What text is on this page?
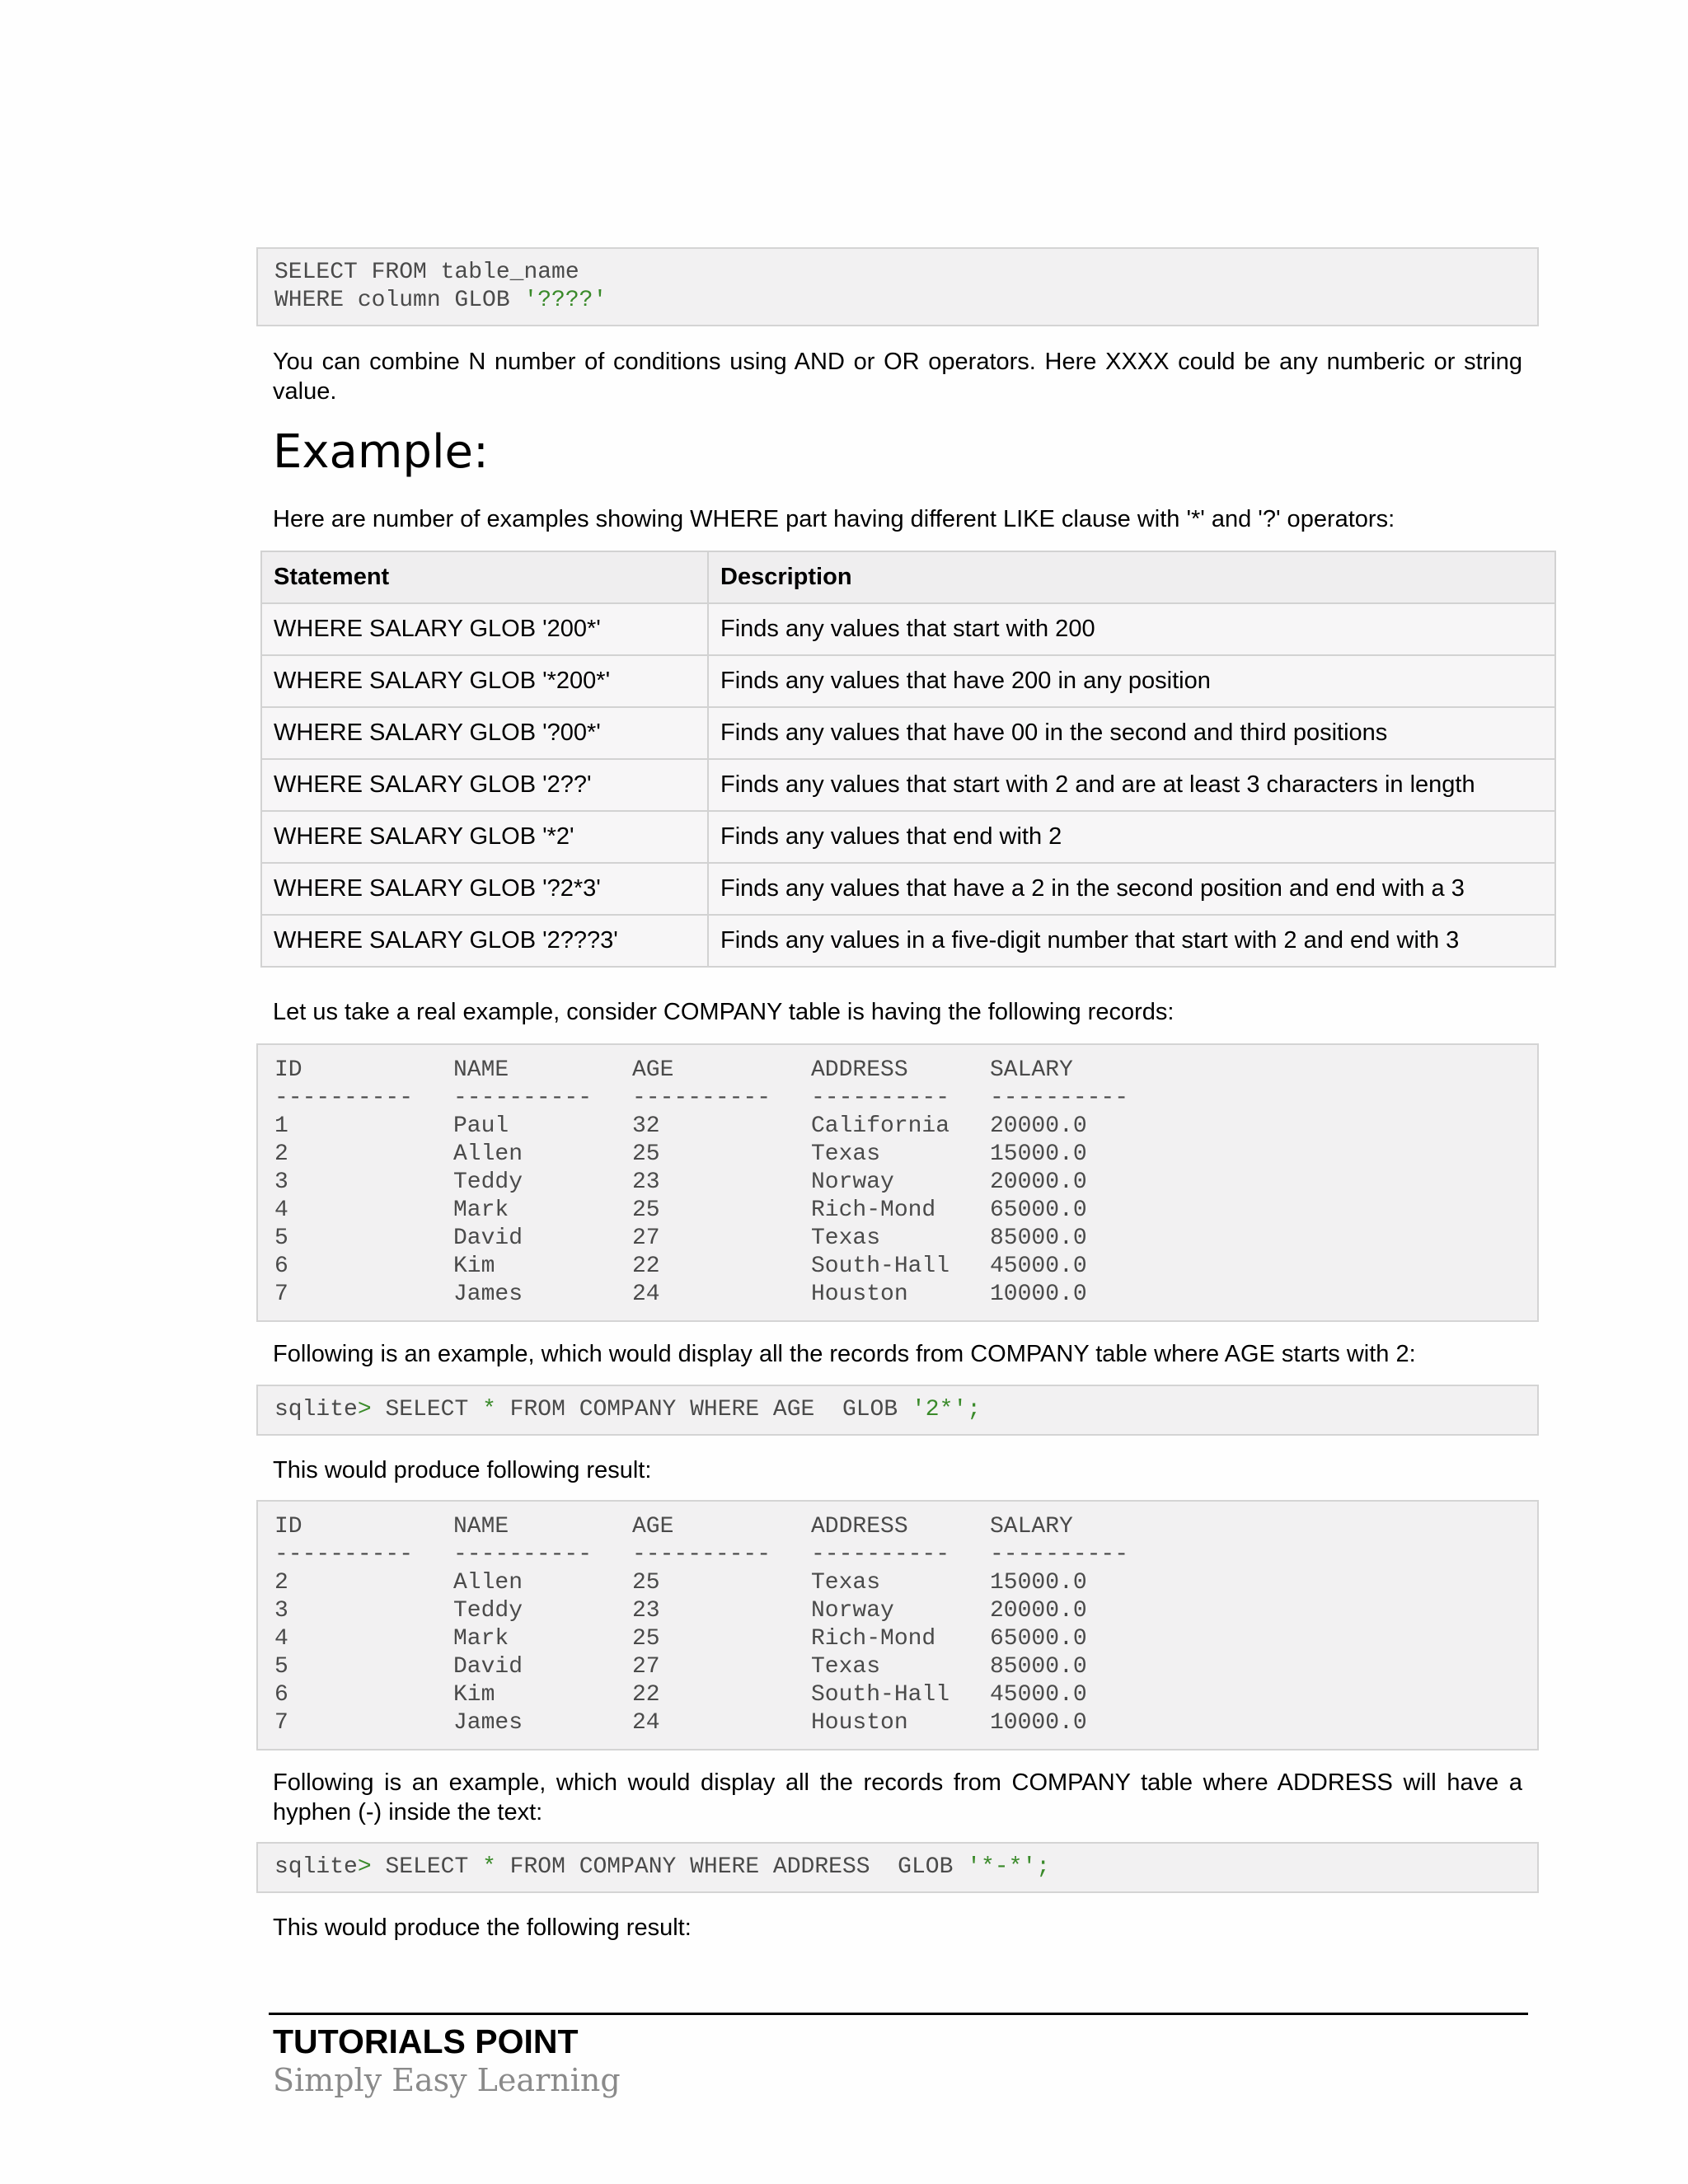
SELECT FROM table_name
WHERE column GLOB '????'
You can combine N number of conditions using AND or OR operators. Here XXXX could be any numberic or string value.
Example:
Here are number of examples showing WHERE part having different LIKE clause with '*' and '?' operators:
Statement	Description
WHERE SALARY GLOB '200*'	Finds any values that start with 200
WHERE SALARY GLOB '*200*'	Finds any values that have 200 in any position
WHERE SALARY GLOB '?00*'	Finds any values that have 00 in the second and third positions
WHERE SALARY GLOB '2??'	Finds any values that start with 2 and are at least 3 characters in length
WHERE SALARY GLOB '*2'	Finds any values that end with 2
WHERE SALARY GLOB '?2*3'	Finds any values that have a 2 in the second position and end with a 3
WHERE SALARY GLOB '2???3'	Finds any values in a five-digit number that start with 2 and end with 3
Let us take a real example, consider COMPANY table is having the following records:
ID	NAME	AGE	ADDRESS	SALARY
----------	----------	----------	----------	----------
1	Paul	32	California	20000.0
2	Allen	25	Texas	15000.0
3	Teddy	23	Norway	20000.0
4	Mark	25	Rich-Mond	65000.0
5	David	27	Texas	85000.0
6	Kim	22	South-Hall	45000.0
7	James	24	Houston	10000.0
Following is an example, which would display all the records from COMPANY table where AGE starts with 2:
sqlite> SELECT * FROM COMPANY WHERE AGE  GLOB '2*';
This would produce following result:
ID	NAME	AGE	ADDRESS	SALARY
----------	----------	----------	----------	----------
2	Allen	25	Texas	15000.0
3	Teddy	23	Norway	20000.0
4	Mark	25	Rich-Mond	65000.0
5	David	27	Texas	85000.0
6	Kim	22	South-Hall	45000.0
7	James	24	Houston	10000.0
Following is an example, which would display all the records from COMPANY table where ADDRESS will have a hyphen (-) inside the text:
sqlite> SELECT * FROM COMPANY WHERE ADDRESS  GLOB '*-*';
This would produce the following result:
TUTORIALS POINT
Simply Easy Learning
